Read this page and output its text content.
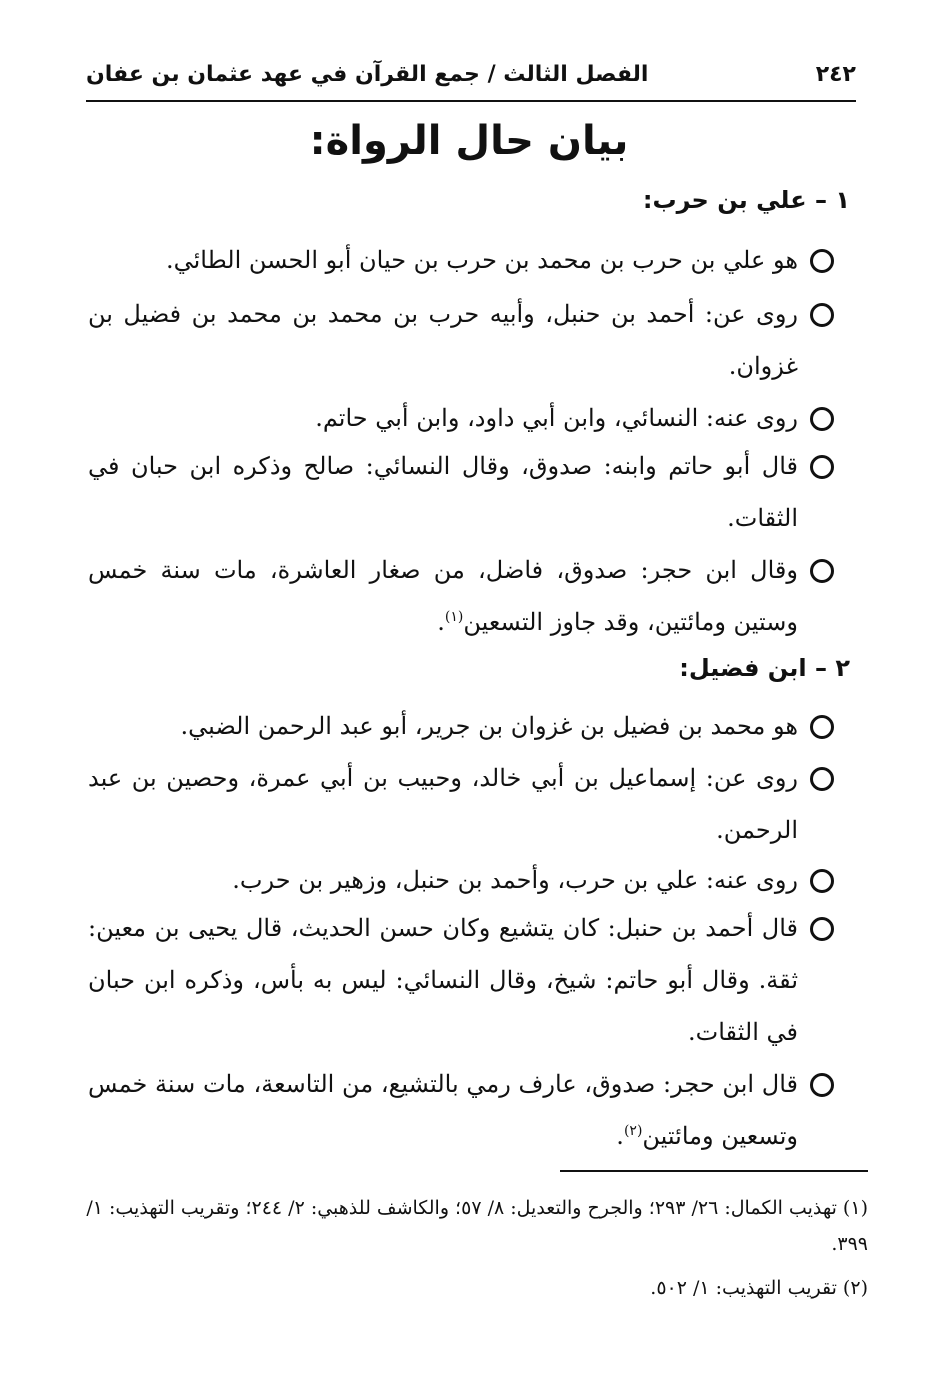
٢٤٢
الفصل الثالث / جمع القرآن في عهد عثمان بن عفان
بيان حال الرواة:
١ – علي بن حرب:
هو علي بن حرب بن محمد بن حرب بن حيان أبو الحسن الطائي.
روى عن: أحمد بن حنبل، وأبيه حرب بن محمد بن محمد بن فضيل بن غزوان.
روى عنه: النسائي، وابن أبي داود، وابن أبي حاتم.
قال أبو حاتم وابنه: صدوق، وقال النسائي: صالح وذكره ابن حبان في الثقات.
وقال ابن حجر: صدوق، فاضل، من صغار العاشرة، مات سنة خمس وستين ومائتين، وقد جاوز التسعين$^{(١)}$.
٢ – ابن فضيل:
هو محمد بن فضيل بن غزوان بن جرير، أبو عبد الرحمن الضبي.
روى عن: إسماعيل بن أبي خالد، وحبيب بن أبي عمرة، وحصين بن عبد الرحمن.
روى عنه: علي بن حرب، وأحمد بن حنبل، وزهير بن حرب.
قال أحمد بن حنبل: كان يتشيع وكان حسن الحديث، قال يحيى بن معين: ثقة. وقال أبو حاتم: شيخ، وقال النسائي: ليس به بأس، وذكره ابن حبان في الثقات.
قال ابن حجر: صدوق، عارف رمي بالتشيع، من التاسعة، مات سنة خمس وتسعين ومائتين$^{(٢)}$.
(١) تهذيب الكمال: ٢٦/ ٢٩٣؛ والجرح والتعديل: ٨/ ٥٧؛ والكاشف للذهبي: ٢/ ٢٤٤؛ وتقريب التهذيب: ١/ ٣٩٩.
(٢) تقريب التهذيب: ١/ ٥٠٢.
